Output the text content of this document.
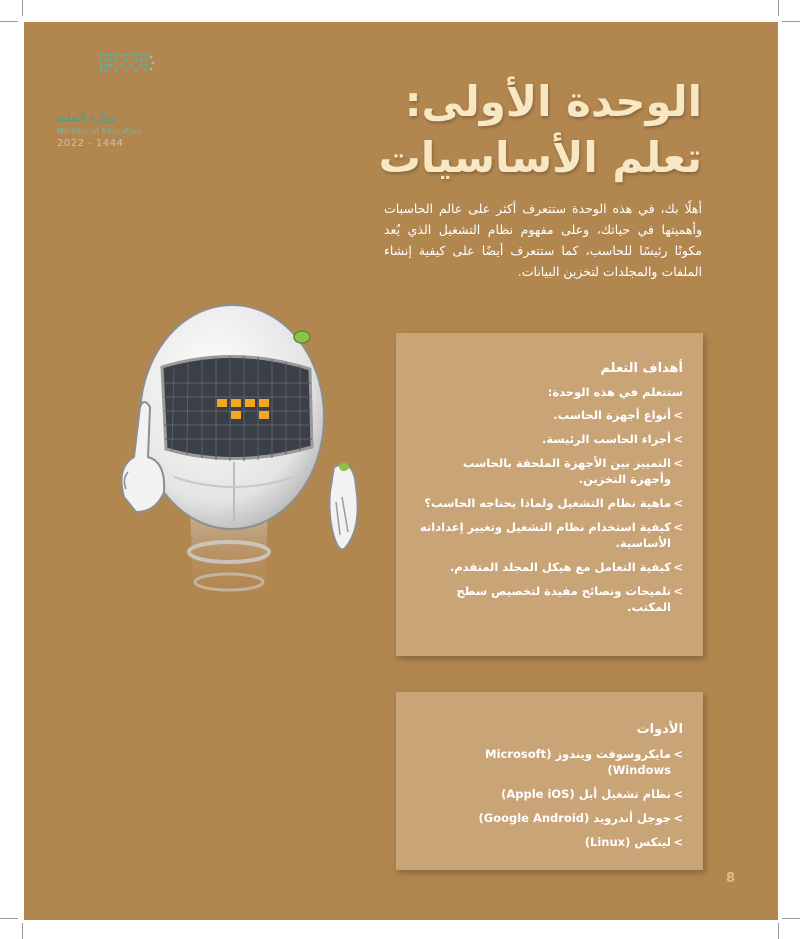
وزارة التعليم
Ministry of Education
2022 - 1444
الوحدة الأولى:
تعلم الأساسيات
أهلًا بك، في هذه الوحدة ستتعرف أكثر على عالم الحاسبات وأهميتها في حياتك، وعلى مفهوم نظام التشغيل الذي يُعد مكونًا رئيسًا للحاسب، كما ستتعرف أيضًا على كيفية إنشاء الملفات والمجلدات لتخزين البيانات.
أهداف التعلم
ستتعلم في هذه الوحدة:
> أنواع أجهزة الحاسب.
> أجزاء الحاسب الرئيسة.
> التمييز بين الأجهزة الملحقة بالحاسب وأجهزة التخزين.
> ماهية نظام التشغيل ولماذا يحتاجه الحاسب؟
> كيفية استخدام نظام التشغيل وتغيير إعداداته الأساسية.
> كيفية التعامل مع هيكل المجلد المتقدم.
> تلميحات ونصائح مفيدة لتخصيص سطح المكتب.
الأدوات
> مايكروسوفت ويندوز (Microsoft Windows)
> نظام تشغيل أبل (Apple iOS)
> جوجل أندرويد (Google Android)
> لينكس (Linux)
8
